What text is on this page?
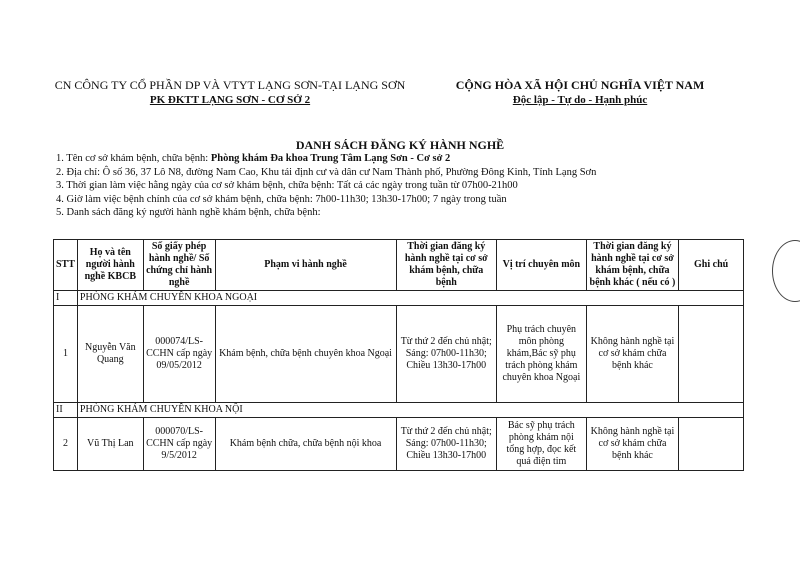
CN CÔNG TY CỔ PHẦN DP VÀ VTYT LẠNG SƠN-TẠI LẠNG SƠN
PK ĐKTT LẠNG SƠN - CƠ SỞ 2
CỘNG HÒA XÃ HỘI CHỦ NGHĨA VIỆT NAM
Độc lập - Tự do - Hạnh phúc
DANH SÁCH ĐĂNG KÝ HÀNH NGHỀ
1. Tên cơ sở khám bệnh, chữa bệnh: Phòng khám Đa khoa Trung Tâm Lạng Sơn - Cơ sở 2
2. Địa chỉ: Ô số 36, 37 Lô N8, đường Nam Cao, Khu tái định cư và dân cư Nam Thành phố, Phường Đông Kinh, Tỉnh Lạng Sơn
3. Thời gian làm việc hằng ngày của cơ sở khám bệnh, chữa bệnh: Tất cả các ngày trong tuần từ 07h00-21h00
4. Giờ làm việc bệnh chính của cơ sở khám bệnh, chữa bệnh: 7h00-11h30; 13h30-17h00; 7 ngày trong tuần
5. Danh sách đăng ký người hành nghề khám bệnh, chữa bệnh:
STT	Họ và tên người hành nghề KBCB	Số giấy phép hành nghề/ Số chứng chỉ hành nghề	Phạm vi hành nghề	Thời gian đăng ký hành nghề tại cơ sở khám bệnh, chữa bệnh	Vị trí chuyên môn	Thời gian đăng ký hành nghề tại cơ sở khám bệnh, chữa bệnh khác ( nếu có )	Ghi chú
I	PHÒNG KHÁM CHUYÊN KHOA NGOẠI						
1	Nguyễn Văn Quang	000074/LS-CCHN cấp ngày 09/05/2012	Khám bệnh, chữa bệnh chuyên khoa Ngoại	Từ thứ 2 đến chủ nhật; Sáng: 07h00-11h30; Chiều 13h30-17h00	Phụ trách chuyên môn phòng khám,Bác sỹ phụ trách phòng khám chuyên khoa Ngoại	Không hành nghề tại cơ sở khám chữa bệnh khác	
II	PHÒNG KHÁM CHUYÊN KHOA NỘI						
2	Vũ Thị Lan	000070/LS-CCHN cấp ngày 9/5/2012	Khám bệnh chữa, chữa bệnh nội khoa	Từ thứ 2 đến chủ nhật; Sáng: 07h00-11h30; Chiều 13h30-17h00	Bác sỹ phụ trách phòng khám nội tổng hợp, đọc kết quả điện tim	Không hành nghề tại cơ sở khám chữa bệnh khác	
